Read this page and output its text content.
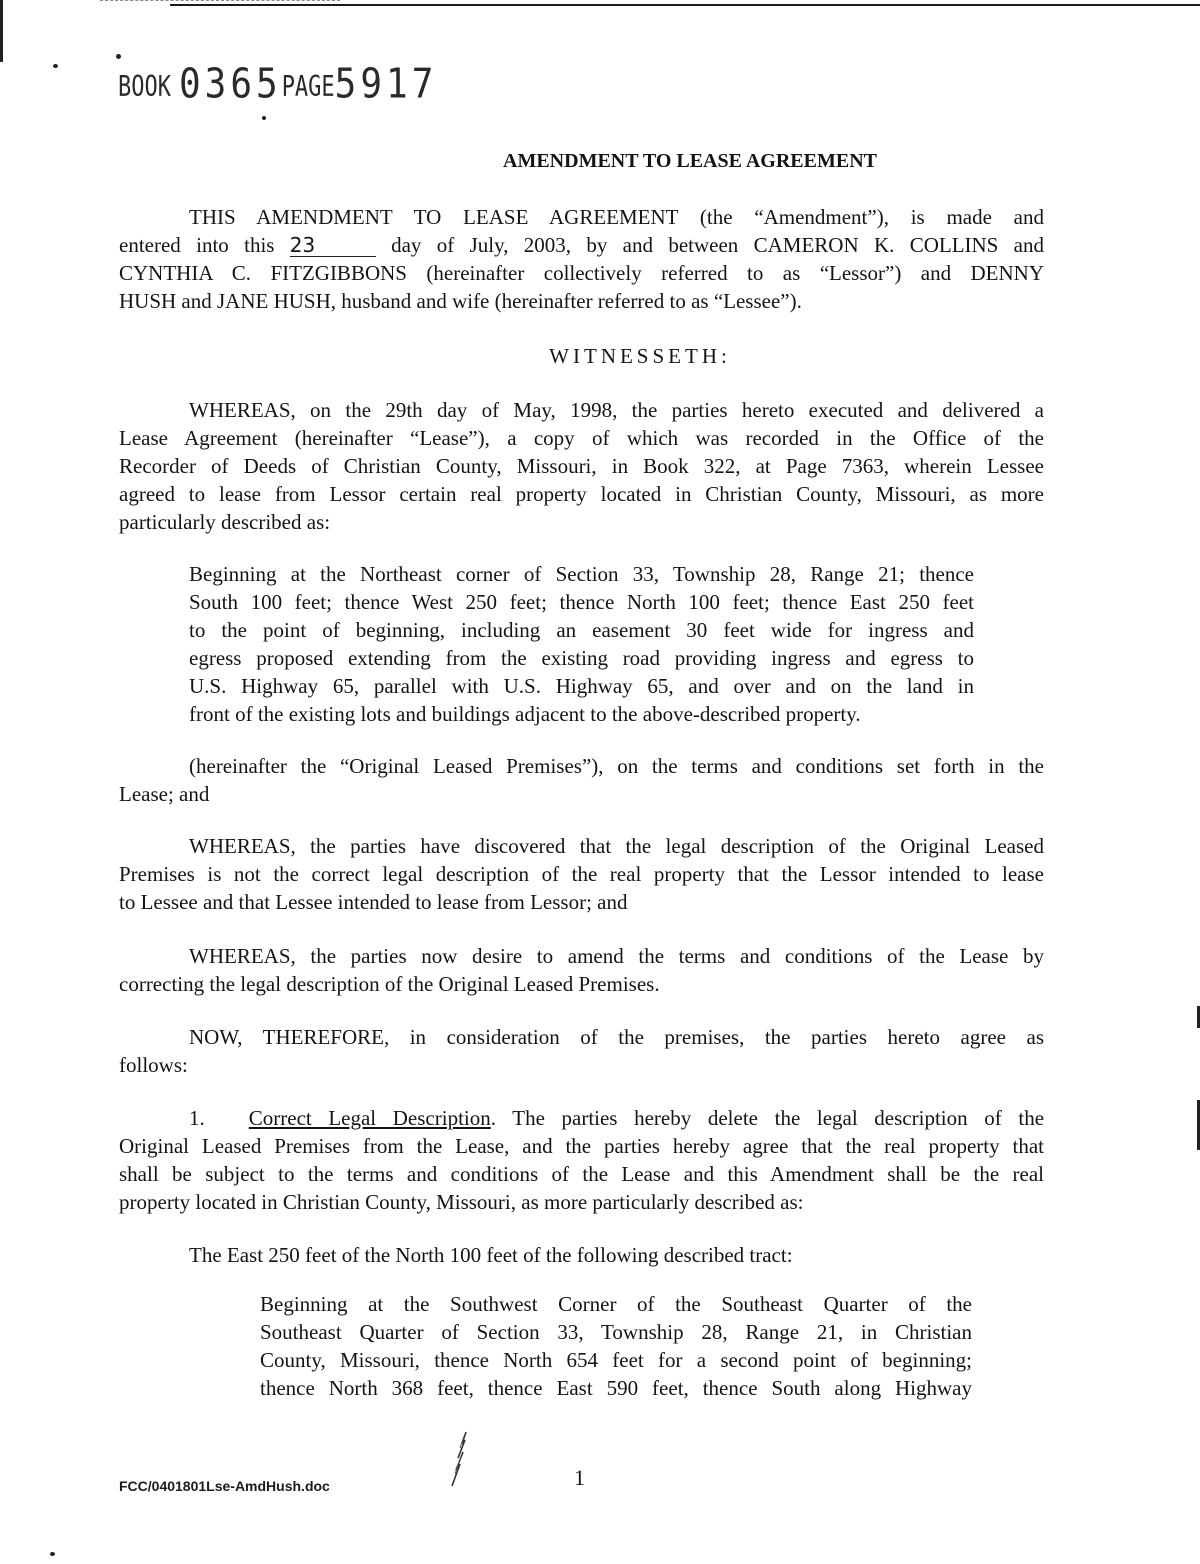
BOOK 0365 PAGE 5917
AMENDMENT TO LEASE AGREEMENT
THIS AMENDMENT TO LEASE AGREEMENT (the “Amendment”), is made and
entered into this 23	day of July, 2003, by and between CAMERON K. COLLINS and
CYNTHIA C. FITZGIBBONS (hereinafter collectively referred to as “Lessor”) and DENNY
HUSH and JANE HUSH, husband and wife (hereinafter referred to as “Lessee”).
WITNESSETH:
WHEREAS, on the 29th day of May, 1998, the parties hereto executed and delivered a
Lease Agreement (hereinafter “Lease”), a copy of which was recorded in the Office of the
Recorder of Deeds of Christian County, Missouri, in Book 322, at Page 7363, wherein Lessee
agreed to lease from Lessor certain real property located in Christian County, Missouri, as more
particularly described as:
Beginning at the Northeast corner of Section 33, Township 28, Range 21; thence
South 100 feet; thence West 250 feet; thence North 100 feet; thence East 250 feet
to the point of beginning, including an easement 30 feet wide for ingress and
egress proposed extending from the existing road providing ingress and egress to
U.S. Highway 65, parallel with U.S. Highway 65, and over and on the land in
front of the existing lots and buildings adjacent to the above-described property.
(hereinafter the “Original Leased Premises”), on the terms and conditions set forth in the
Lease; and
WHEREAS, the parties have discovered that the legal description of the Original Leased
Premises is not the correct legal description of the real property that the Lessor intended to lease
to Lessee and that Lessee intended to lease from Lessor; and
WHEREAS, the parties now desire to amend the terms and conditions of the Lease by
correcting the legal description of the Original Leased Premises.
NOW, THEREFORE, in consideration of the premises, the parties hereto agree as
follows:
1. Correct Legal Description. The parties hereby delete the legal description of the
Original Leased Premises from the Lease, and the parties hereby agree that the real property that
shall be subject to the terms and conditions of the Lease and this Amendment shall be the real
property located in Christian County, Missouri, as more particularly described as:
The East 250 feet of the North 100 feet of the following described tract:
Beginning at the Southwest Corner of the Southeast Quarter of the
Southeast Quarter of Section 33, Township 28, Range 21, in Christian
County, Missouri, thence North 654 feet for a second point of beginning;
thence North 368 feet, thence East 590 feet, thence South along Highway
FCC/0401801Lse-AmdHush.doc	1
